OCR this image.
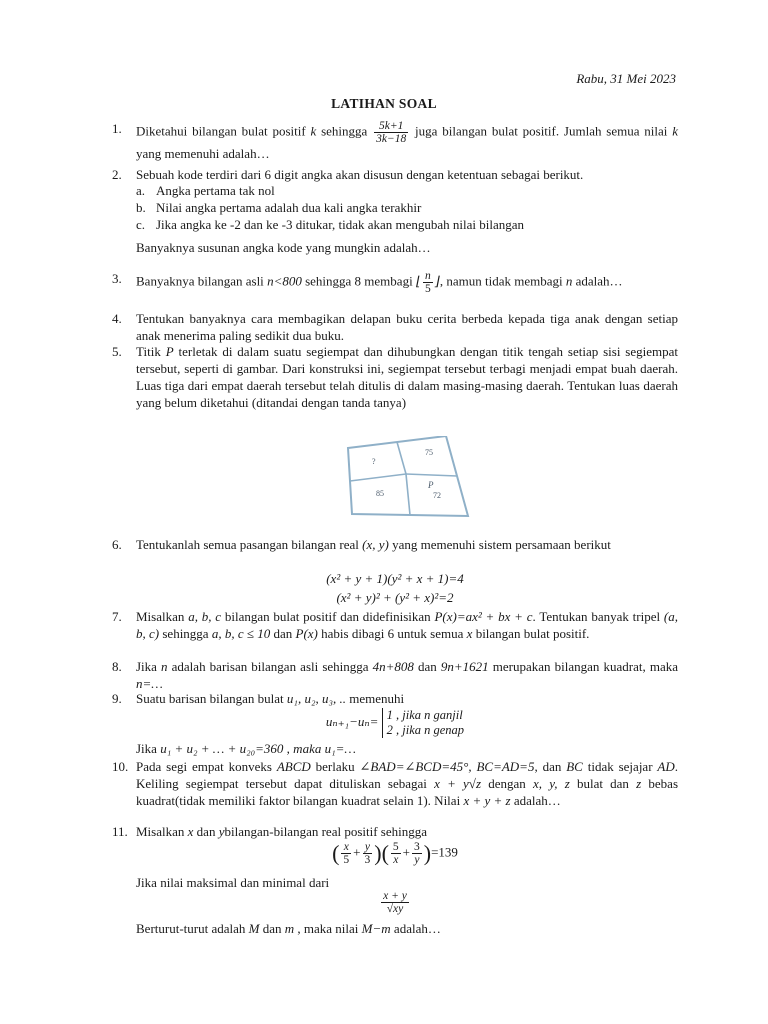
Rabu, 31 Mei 2023
LATIHAN SOAL
1. Diketahui bilangan bulat positif k sehingga $\frac{5k+1}{3k-18}$ juga bilangan bulat positif. Jumlah semua nilai k yang memenuhi adalah…
2. Sebuah kode terdiri dari 6 digit angka akan disusun dengan ketentuan sebagai berikut.
a. Angka pertama tak nol
b. Nilai angka pertama adalah dua kali angka terakhir
c. Jika angka ke -2 dan ke -3 ditukar, tidak akan mengubah nilai bilangan
Banyaknya susunan angka kode yang mungkin adalah…
3. Banyaknya bilangan asli n<800 sehingga 8 membagi ⌊ $\frac{n}{5}$ ⌋, namun tidak membagi n adalah…
4. Tentukan banyaknya cara membagikan delapan buku cerita berbeda kepada tiga anak dengan setiap anak menerima paling sedikit dua buku.
5. Titik P terletak di dalam suatu segiempat dan dihubungkan dengan titik tengah setiap sisi segiempat tersebut, seperti di gambar. Dari konstruksi ini, segiempat tersebut terbagi menjadi empat buah daerah. Luas tiga dari empat daerah tersebut telah ditulis di dalam masing-masing daerah. Tentukan luas daerah yang belum diketahui (ditandai dengan tanda tanya)
?
75
85
P
72
6. Tentukanlah semua pasangan bilangan real (x, y) yang memenuhi sistem persamaan berikut
(x² + y + 1)(y² + x + 1)=4
(x² + y)² + (y² + x)²=2
7. Misalkan a, b, c bilangan bulat positif dan didefinisikan P(x)=ax² + bx + c. Tentukan banyak tripel (a, b, c) sehingga a, b, c ≤ 10 dan P(x) habis dibagi 6 untuk semua x bilangan bulat positif.
8. Jika n adalah barisan bilangan asli sehingga 4n+808 dan 9n+1621 merupakan bilangan kuadrat, maka n=…
9. Suatu barisan bilangan bulat u₁, u₂, u₃, .. memenuhi
uₙ₊₁−uₙ= 1 , jika n ganjil
2 , jika n genap
Jika u₁ + u₂ + … + u₂₀=360 , maka u₁=…
10. Pada segi empat konveks ABCD berlaku ∠BAD=∠BCD=45°, BC=AD=5, dan BC tidak sejajar AD. Keliling segiempat tersebut dapat dituliskan sebagai x + y√z dengan x, y, z bulat dan z bebas kuadrat(tidak memiliki faktor bilangan kuadrat selain 1). Nilai x + y + z adalah…
11. Misalkan x dan ybilangan-bilangan real positif sehingga
( $\frac{x}{5} + \frac{y}{3}$ )( $\frac{5}{x} + \frac{3}{y} )=139$
Jika nilai maksimal dan minimal dari
$\frac{x + y}{√xy}$
Berturut-turut adalah M dan m , maka nilai M−m adalah…
